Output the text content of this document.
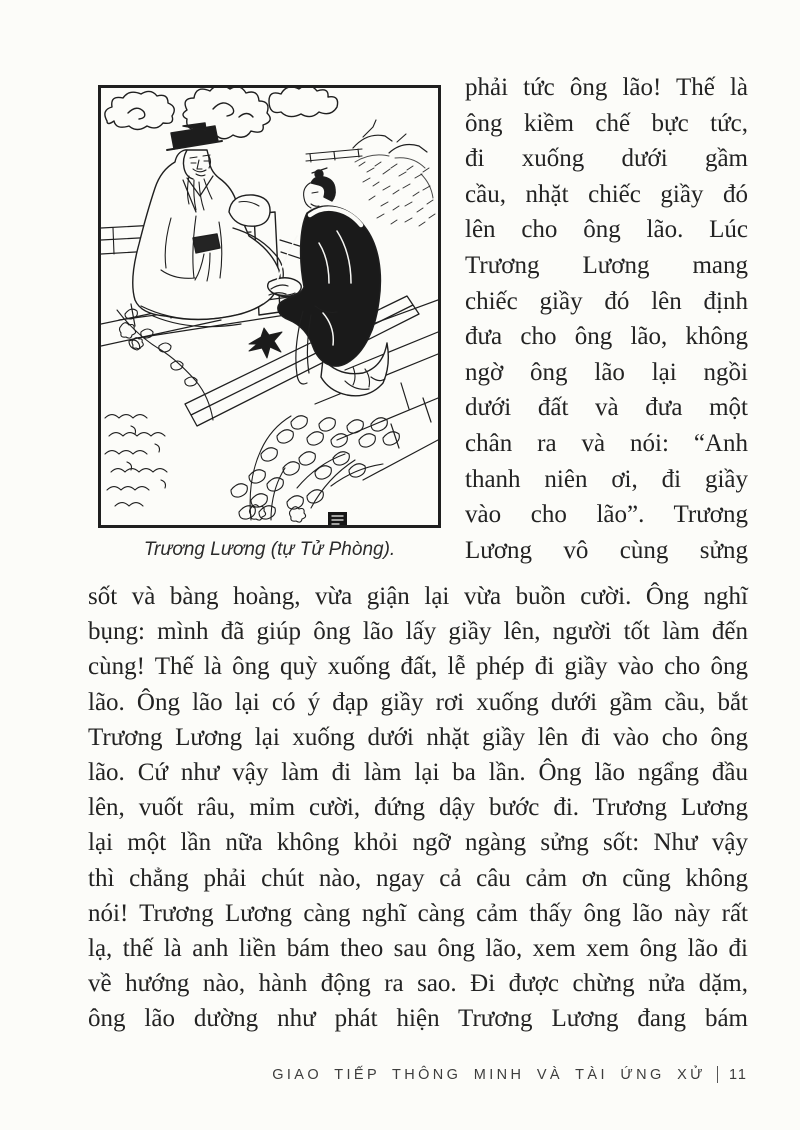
Trương Lương (tự Tử Phòng).
phải tức ông lão! Thế là
ông kiềm chế bực tức,
đi xuống dưới gầm
cầu, nhặt chiếc giầy đó
lên cho ông lão. Lúc
Trương Lương mang
chiếc giầy đó lên định
đưa cho ông lão, không
ngờ ông lão lại ngồi
dưới đất và đưa một
chân ra và nói: “Anh
thanh niên ơi, đi giầy
vào cho lão”. Trương
Lương vô cùng sửng
sốt và bàng hoàng, vừa giận lại vừa buồn cười. Ông nghĩ
bụng: mình đã giúp ông lão lấy giầy lên, người tốt làm đến
cùng! Thế là ông quỳ xuống đất, lễ phép đi giầy vào cho ông
lão. Ông lão lại có ý đạp giầy rơi xuống dưới gầm cầu, bắt
Trương Lương lại xuống dưới nhặt giầy lên đi vào cho ông
lão. Cứ như vậy làm đi làm lại ba lần. Ông lão ngẩng đầu
lên, vuốt râu, mỉm cười, đứng dậy bước đi. Trương Lương
lại một lần nữa không khỏi ngỡ ngàng sửng sốt: Như vậy
thì chẳng phải chút nào, ngay cả câu cảm ơn cũng không
nói! Trương Lương càng nghĩ càng cảm thấy ông lão này rất
lạ, thế là anh liền bám theo sau ông lão, xem xem ông lão đi
về hướng nào, hành động ra sao. Đi được chừng nửa dặm,
ông lão dường như phát hiện Trương Lương đang bám
GIAO TIẾP THÔNG MINH VÀ TÀI ỨNG XỬ 11
